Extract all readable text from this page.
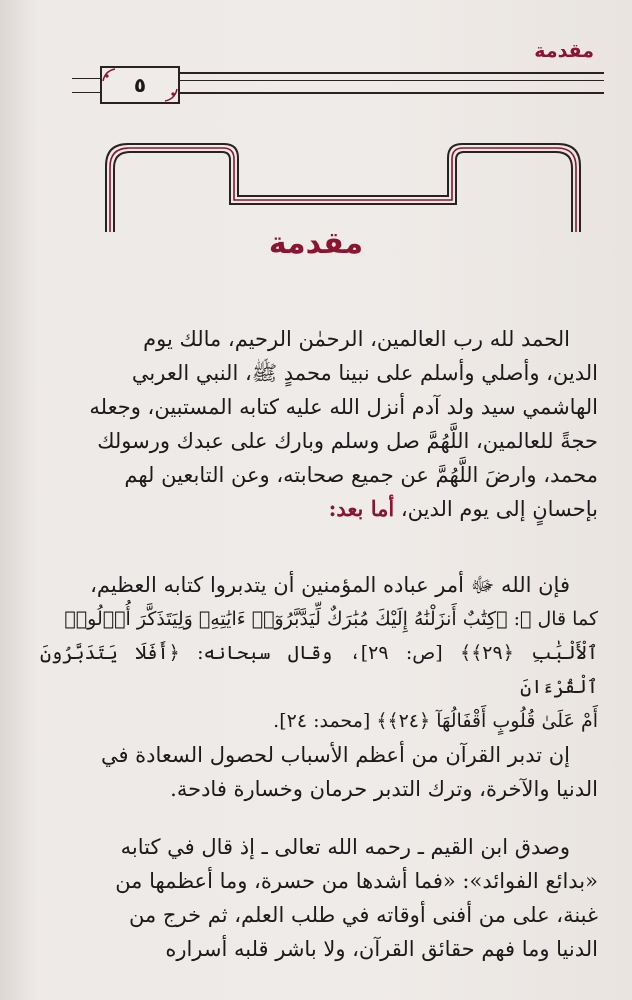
مقدمة
٥
مقدمة

الحمد لله رب العالمين، الرحمٰن الرحيم، مالك يوم

الدين، وأصلي وأسلم على نبينا محمدٍ ﷺ، النبي العربي

الهاشمي سيد ولد آدم أنزل الله عليه كتابه المستبين، وجعله

حجةً للعالمين، اللَّهُمَّ صل وسلم وبارك على عبدك ورسولك

محمد، وارضَ اللَّهُمَّ عن جميع صحابته، وعن التابعين لهم

بإحسانٍ إلى يوم الدين، أما بعد:

فإن الله ﷻ أمر عباده المؤمنين أن يتدبروا كتابه العظيم،

كما قال ﷻ: ﴿كِتَٰبٌ أَنزَلْنَٰهُ إِلَيْكَ مُبَٰرَكٌ لِّيَدَّبَّرُوٓا۟ ءَايَٰتِهِۦ وَلِيَتَذَكَّرَ أُو۟لُوا۟

ٱلْأَلْبَٰبِ ﴿٢٩﴾﴾ [ص: ٢٩]، وقال سبحانه: ﴿أَفَلَا يَتَدَبَّرُونَ ٱلْقُرْءَانَ

أَمْ عَلَىٰ قُلُوبٍ أَقْفَالُهَآ ﴿٢٤﴾﴾ [محمد: ٢٤].

إن تدبر القرآن من أعظم الأسباب لحصول السعادة في

الدنيا والآخرة، وترك التدبر حرمان وخسارة فادحة.

وصدق ابن القيم ـ رحمه الله تعالى ـ إذ قال في كتابه

«بدائع الفوائد»: «فما أشدها من حسرة، وما أعظمها من

غبنة، على من أفنى أوقاته في طلب العلم، ثم خرج من

الدنيا وما فهم حقائق القرآن، ولا باشر قلبه أسراره
